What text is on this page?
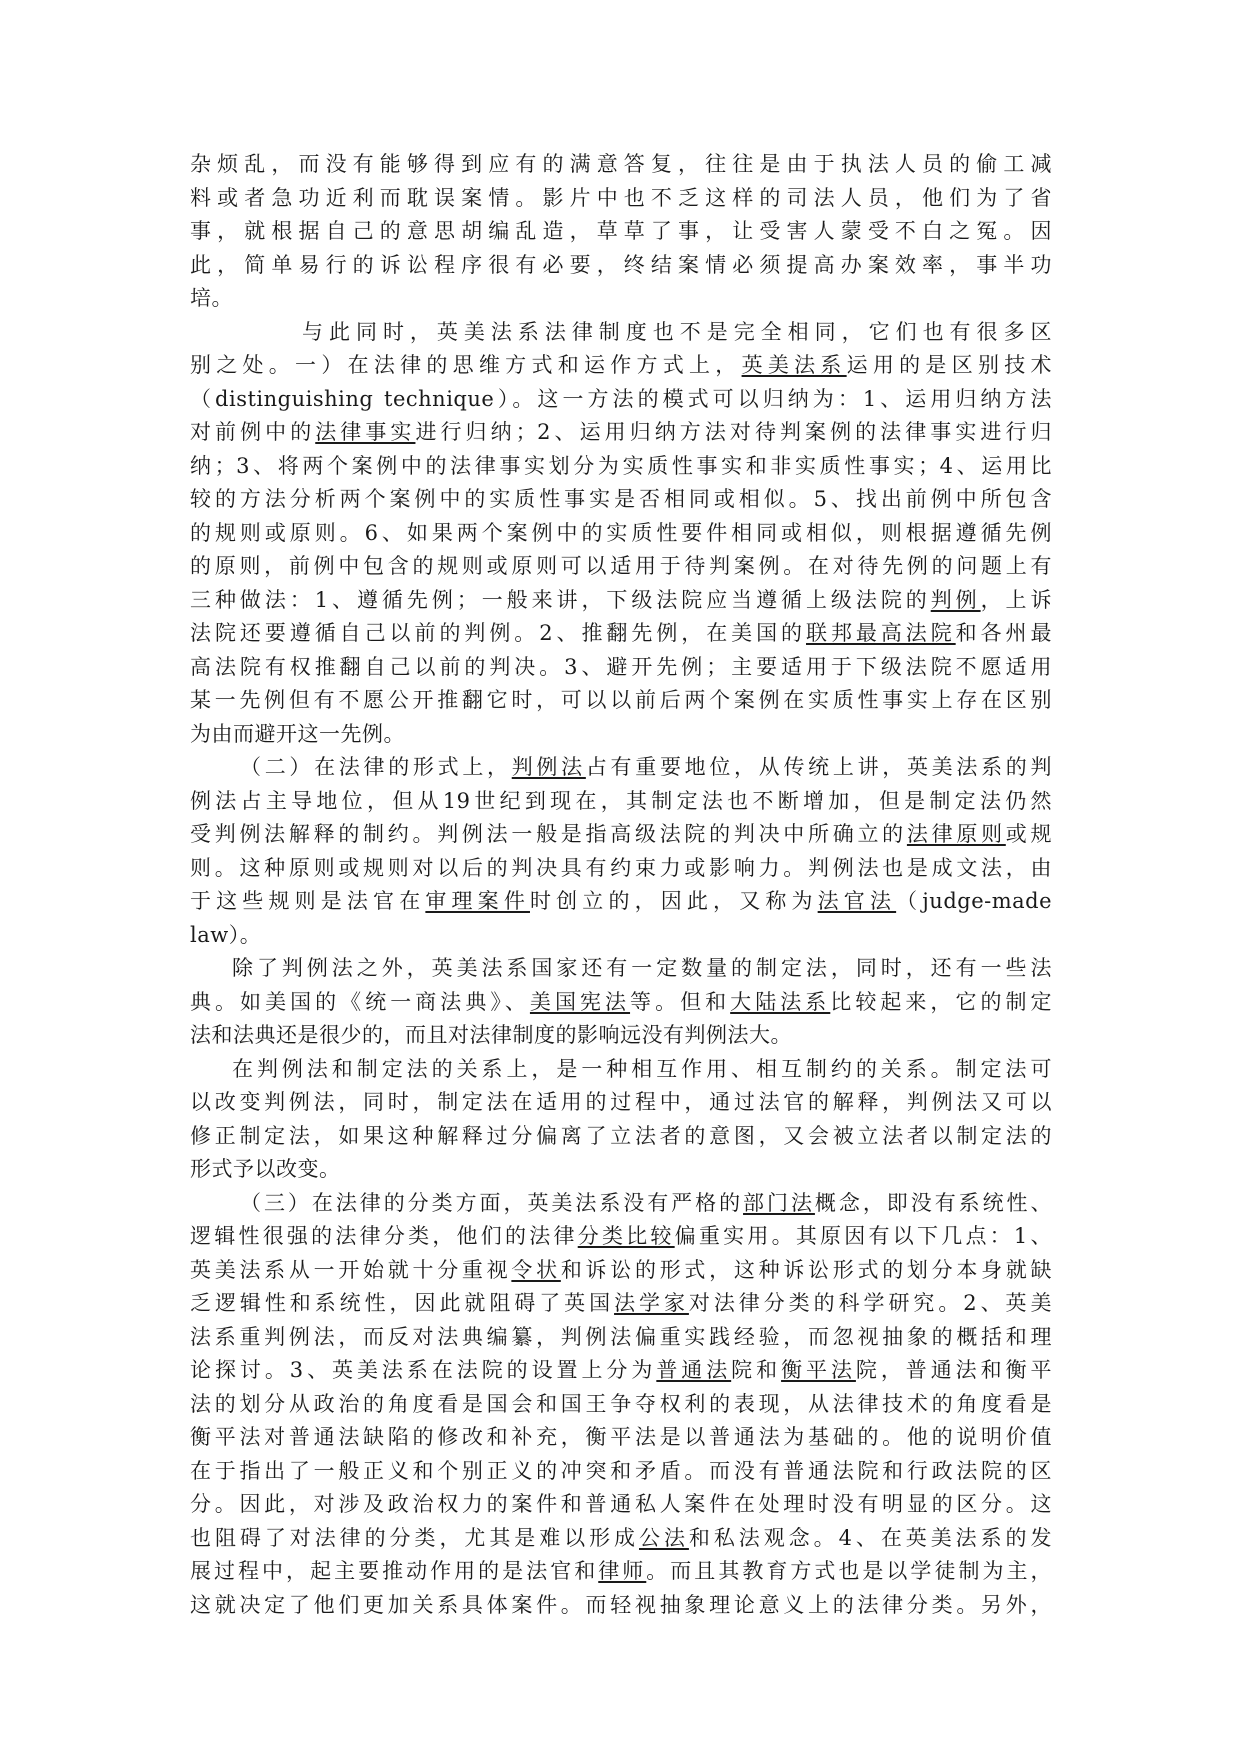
杂烦乱，而没有能够得到应有的满意答复，往往是由于执法人员的偷工减
料或者急功近利而耽误案情。影片中也不乏这样的司法人员，他们为了省
事，就根据自己的意思胡编乱造，草草了事，让受害人蒙受不白之冤。因
此，简单易行的诉讼程序很有必要，终结案情必须提高办案效率，事半功
培。
与此同时，英美法系法律制度也不是完全相同，它们也有很多区
别之处。一）在法律的思维方式和运作方式上，英美法系运用的是区别技术
（distinguishing technique）。这一方法的模式可以归纳为：1、运用归纳方法
对前例中的法律事实进行归纳；2、运用归纳方法对待判案例的法律事实进行归
纳；3、将两个案例中的法律事实划分为实质性事实和非实质性事实；4、运用比
较的方法分析两个案例中的实质性事实是否相同或相似。5、找出前例中所包含
的规则或原则。6、如果两个案例中的实质性要件相同或相似，则根据遵循先例
的原则，前例中包含的规则或原则可以适用于待判案例。在对待先例的问题上有
三种做法：1、遵循先例；一般来讲，下级法院应当遵循上级法院的判例，上诉
法院还要遵循自己以前的判例。2、推翻先例，在美国的联邦最高法院和各州最
高法院有权推翻自己以前的判决。3、避开先例；主要适用于下级法院不愿适用
某一先例但有不愿公开推翻它时，可以以前后两个案例在实质性事实上存在区别
为由而避开这一先例。
（二）在法律的形式上，判例法占有重要地位，从传统上讲，英美法系的判
例法占主导地位，但从19世纪到现在，其制定法也不断增加，但是制定法仍然
受判例法解释的制约。判例法一般是指高级法院的判决中所确立的法律原则或规
则。这种原则或规则对以后的判决具有约束力或影响力。判例法也是成文法，由
于这些规则是法官在审理案件时创立的，因此，又称为法官法（judge-made
law）。
除了判例法之外，英美法系国家还有一定数量的制定法，同时，还有一些法
典。如美国的《统一商法典》、美国宪法等。但和大陆法系比较起来，它的制定
法和法典还是很少的，而且对法律制度的影响远没有判例法大。
在判例法和制定法的关系上，是一种相互作用、相互制约的关系。制定法可
以改变判例法，同时，制定法在适用的过程中，通过法官的解释，判例法又可以
修正制定法，如果这种解释过分偏离了立法者的意图，又会被立法者以制定法的
形式予以改变。
（三）在法律的分类方面，英美法系没有严格的部门法概念，即没有系统性、
逻辑性很强的法律分类，他们的法律分类比较偏重实用。其原因有以下几点：1、
英美法系从一开始就十分重视令状和诉讼的形式，这种诉讼形式的划分本身就缺
乏逻辑性和系统性，因此就阻碍了英国法学家对法律分类的科学研究。2、英美
法系重判例法，而反对法典编纂，判例法偏重实践经验，而忽视抽象的概括和理
论探讨。3、英美法系在法院的设置上分为普通法院和衡平法院，普通法和衡平
法的划分从政治的角度看是国会和国王争夺权利的表现，从法律技术的角度看是
衡平法对普通法缺陷的修改和补充，衡平法是以普通法为基础的。他的说明价值
在于指出了一般正义和个别正义的冲突和矛盾。而没有普通法院和行政法院的区
分。因此，对涉及政治权力的案件和普通私人案件在处理时没有明显的区分。这
也阻碍了对法律的分类，尤其是难以形成公法和私法观念。4、在英美法系的发
展过程中，起主要推动作用的是法官和律师。而且其教育方式也是以学徒制为主，
这就决定了他们更加关系具体案件。而轻视抽象理论意义上的法律分类。另外，
